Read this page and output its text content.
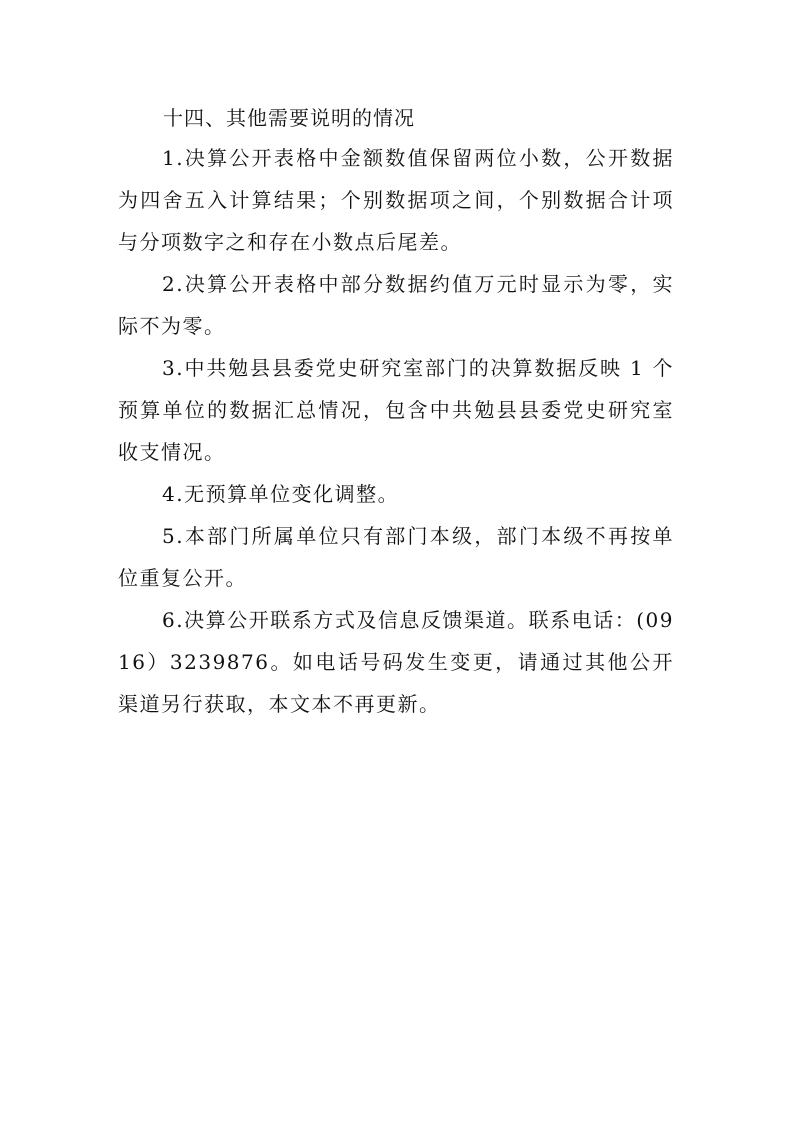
十四、其他需要说明的情况

1.决算公开表格中金额数值保留两位小数，公开数据为四舍五入计算结果；个别数据项之间，个别数据合计项与分项数字之和存在小数点后尾差。

2.决算公开表格中部分数据约值万元时显示为零，实际不为零。

3.中共勉县县委党史研究室部门的决算数据反映 1 个预算单位的数据汇总情况，包含中共勉县县委党史研究室收支情况。

4.无预算单位变化调整。

5.本部门所属单位只有部门本级，部门本级不再按单位重复公开。

6.决算公开联系方式及信息反馈渠道。联系电话：(0916）3239876。如电话号码发生变更，请通过其他公开渠道另行获取，本文本不再更新。
